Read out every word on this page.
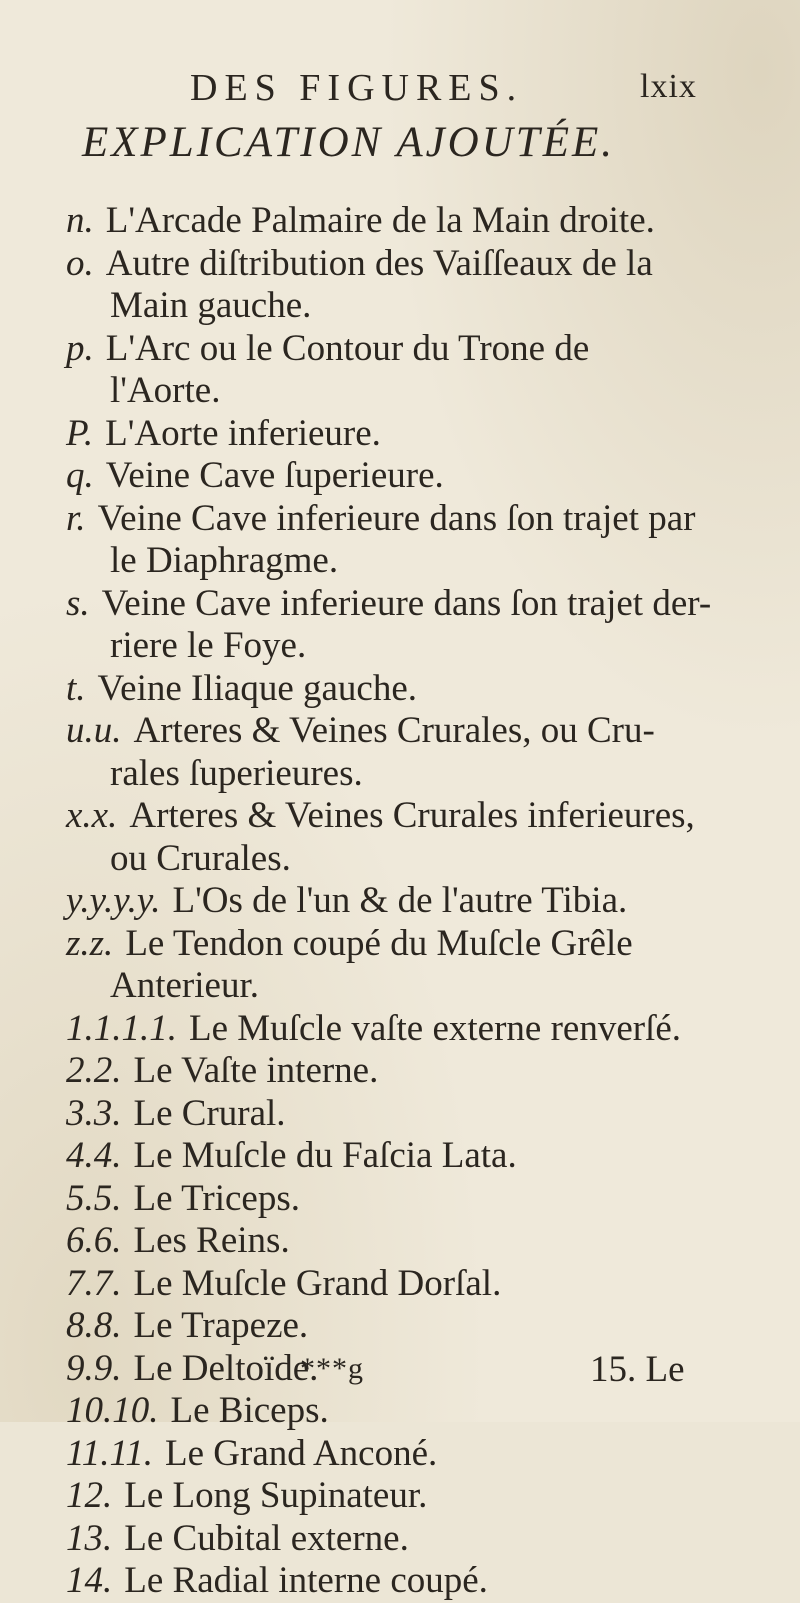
DES FIGURES.	lxix
EXPLICATION AJOUTÉE.
n. L'Arcade Palmaire de la Main droite.
o. Autre diſtribution des Vaiſſeaux de la
Main gauche.
p. L'Arc ou le Contour du Trone de
l'Aorte.
P. L'Aorte inferieure.
q. Veine Cave ſuperieure.
r. Veine Cave inferieure dans ſon trajet par
le Diaphragme.
s. Veine Cave inferieure dans ſon trajet der-
riere le Foye.
t. Veine Iliaque gauche.
u.u. Arteres & Veines Crurales, ou Cru-
rales ſuperieures.
x.x. Arteres & Veines Crurales inferieures,
ou Crurales.
y.y.y.y. L'Os de l'un & de l'autre Tibia.
z.z. Le Tendon coupé du Muſcle Grêle
Anterieur.
1.1.1.1. Le Muſcle vaſte externe renverſé.
2.2. Le Vaſte interne.
3.3. Le Crural.
4.4. Le Muſcle du Faſcia Lata.
5.5. Le Triceps.
6.6. Les Reins.
7.7. Le Muſcle Grand Dorſal.
8.8. Le Trapeze.
9.9. Le Deltoïde.
10.10. Le Biceps.
11.11. Le Grand Anconé.
12. Le Long Supinateur.
13. Le Cubital externe.
14. Le Radial interne coupé.
***g	15. Le
